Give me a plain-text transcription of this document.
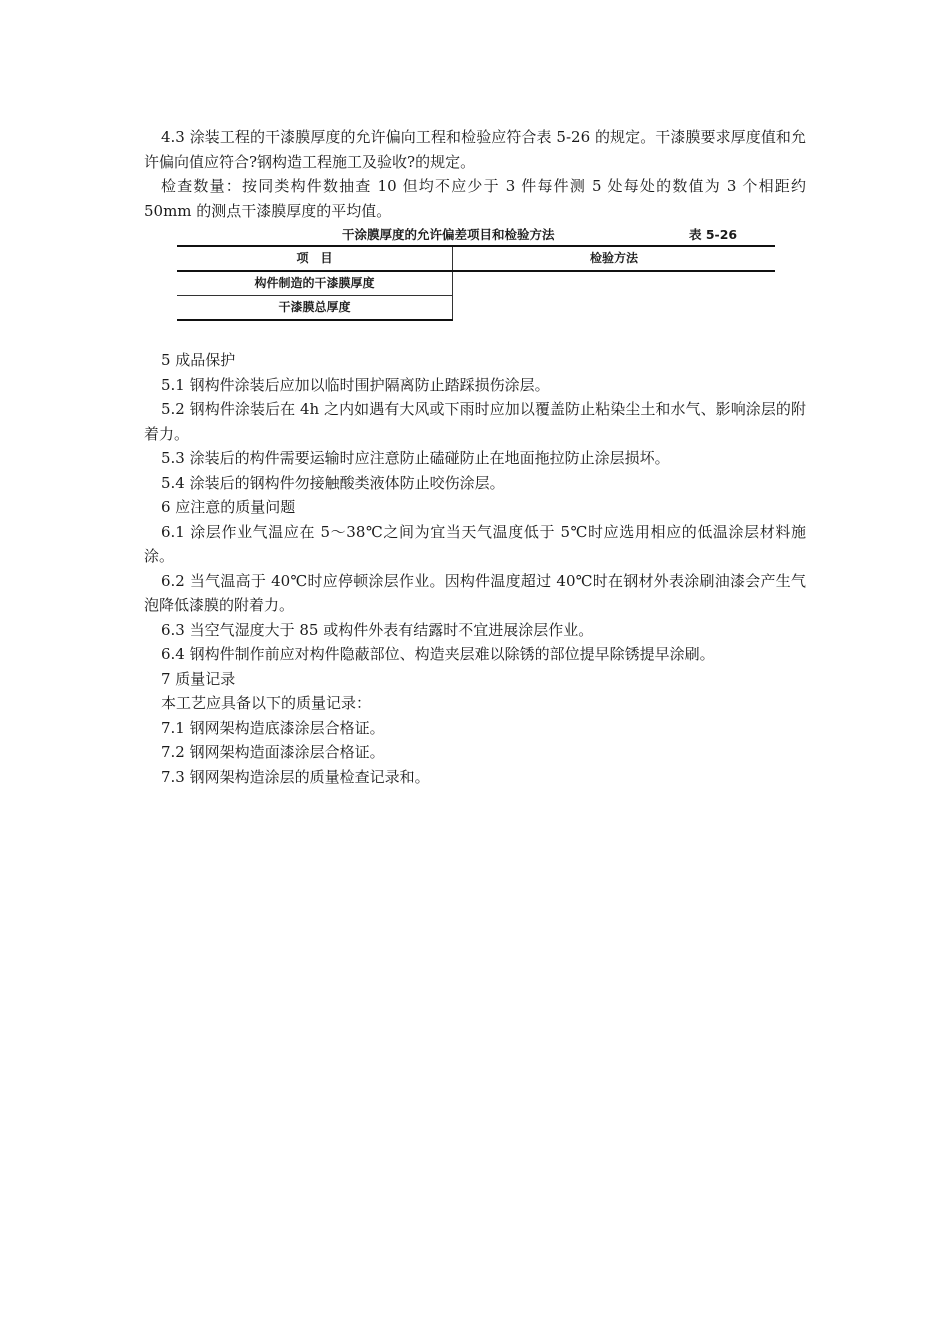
4.3 涂装工程的干漆膜厚度的允许偏向工程和检验应符合表 5-26 的规定。干漆膜要求厚度值和允许偏向值应符合?钢构造工程施工及验收?的规定。

检查数量：按同类构件数抽查 10 但均不应少于 3 件每件测 5 处每处的数值为 3 个相距约 50mm 的测点干漆膜厚度的平均值。

干涂膜厚度的允许偏差项目和检验方法	表 5-26
项　目	检验方法
构件制造的干漆膜厚度	
干漆膜总厚度	

5 成品保护

5.1 钢构件涂装后应加以临时围护隔离防止踏踩损伤涂层。

5.2 钢构件涂装后在 4h 之内如遇有大风或下雨时应加以覆盖防止粘染尘土和水气、影响涂层的附着力。

5.3 涂装后的构件需要运输时应注意防止磕碰防止在地面拖拉防止涂层损坏。

5.4 涂装后的钢构件勿接触酸类液体防止咬伤涂层。

6 应注意的质量问题

6.1 涂层作业气温应在 5～38℃之间为宜当天气温度低于 5℃时应选用相应的低温涂层材料施涂。

6.2 当气温高于 40℃时应停顿涂层作业。因构件温度超过 40℃时在钢材外表涂刷油漆会产生气泡降低漆膜的附着力。

6.3 当空气湿度大于 85 或构件外表有结露时不宜进展涂层作业。

6.4 钢构件制作前应对构件隐蔽部位、构造夹层难以除锈的部位提早除锈提早涂刷。

7 质量记录

本工艺应具备以下的质量记录：

7.1 钢网架构造底漆涂层合格证。

7.2 钢网架构造面漆涂层合格证。

7.3 钢网架构造涂层的质量检查记录和。
